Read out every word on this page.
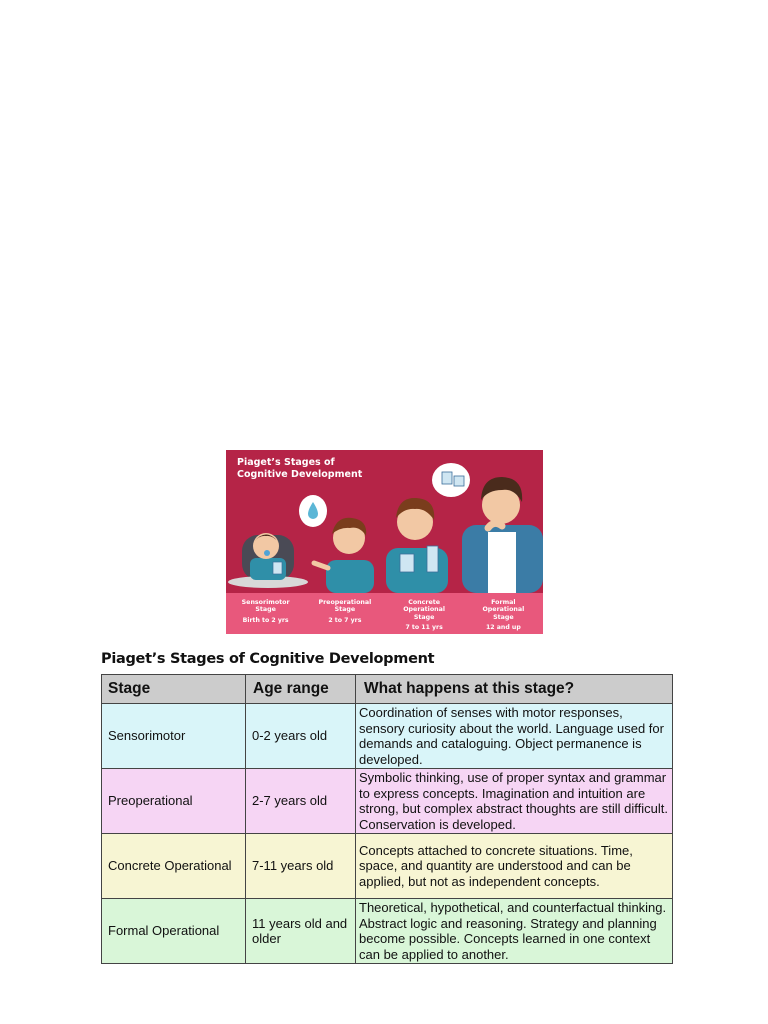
Piaget’s Stages of Cognitive Development
Sensorimotor
Stage
Birth to 2 yrs
Preoperational
Stage
2 to 7 yrs
Concrete
Operational
Stage
7 to 11 yrs
Formal
Operational
Stage
12 and up
Piaget’s Stages of Cognitive Development
Stage	Age range	What happens at this stage?
Sensorimotor	0-2 years old	Coordination of senses with motor responses, sensory curiosity about the world. Language used for demands and cataloguing. Object permanence is developed.
Preoperational	2-7 years old	Symbolic thinking, use of proper syntax and grammar to express concepts. Imagination and intuition are strong, but complex abstract thoughts are still difficult. Conservation is developed.
Concrete Operational	7-11 years old	Concepts attached to concrete situations. Time, space, and quantity are understood and can be applied, but not as independent concepts.
Formal Operational	11 years old and older	Theoretical, hypothetical, and counterfactual thinking. Abstract logic and reasoning. Strategy and planning become possible. Concepts learned in one context can be applied to another.
